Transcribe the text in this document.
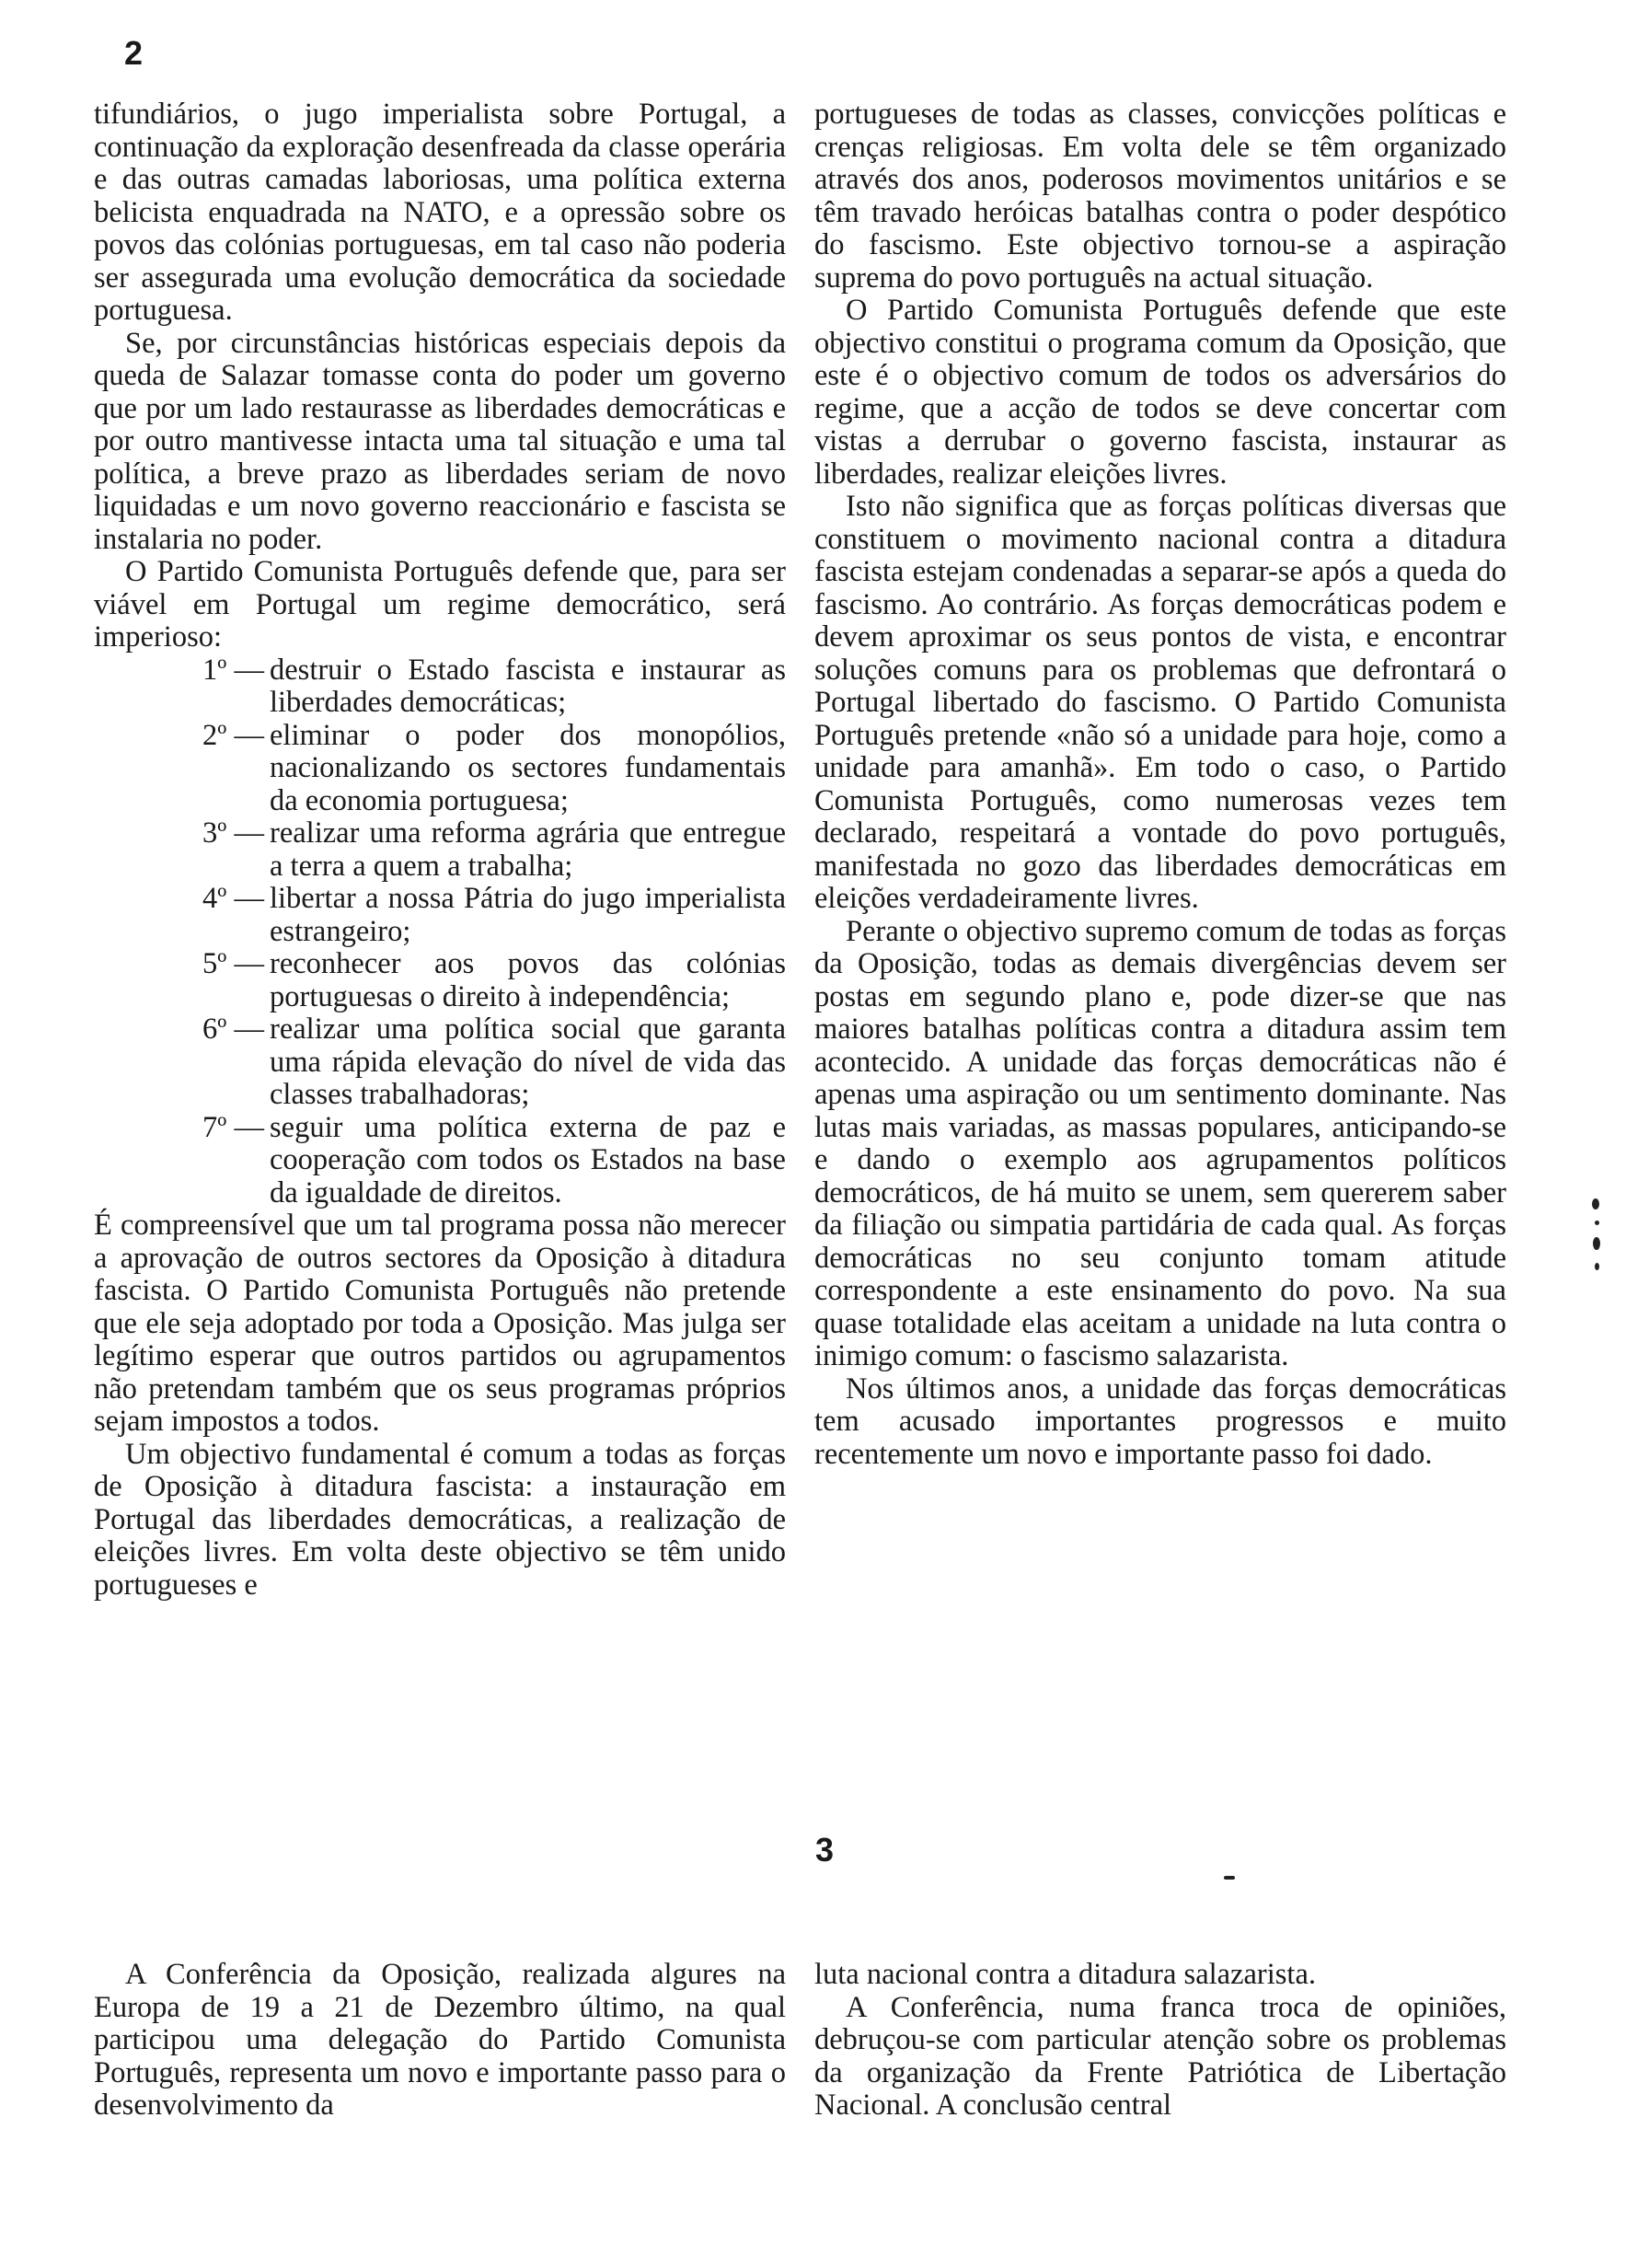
2

tifundiários, o jugo imperialista sobre Portugal, a continuação da exploração desenfreada da classe operária e das outras camadas laboriosas, uma política externa belicista enquadrada na NATO, e a opressão sobre os povos das colónias portuguesas, em tal caso não poderia ser assegurada uma evolução democrática da sociedade portuguesa.

Se, por circunstâncias históricas especiais depois da queda de Salazar tomasse conta do poder um governo que por um lado restaurasse as liberdades democráticas e por outro mantivesse intacta uma tal situação e uma tal política, a breve prazo as liberdades seriam de novo liquidadas e um novo governo reaccionário e fascista se instalaria no poder.

O Partido Comunista Português defende que, para ser viável em Portugal um regime democrático, será imperioso:

1º —	destruir o Estado fascista e instaurar as liberdades democráticas;
2º —	eliminar o poder dos monopólios, nacionalizando os sectores fundamentais da economia portuguesa;
3º —	realizar uma reforma agrária que entregue a terra a quem a trabalha;
4º —	libertar a nossa Pátria do jugo imperialista estrangeiro;
5º —	reconhecer aos povos das colónias portuguesas o direito à independência;
6º —	realizar uma política social que garanta uma rápida elevação do nível de vida das classes trabalhadoras;
7º —	seguir uma política externa de paz e cooperação com todos os Estados na base da igualdade de direitos.

É compreensível que um tal programa possa não merecer a aprovação de outros sectores da Oposição à ditadura fascista. O Partido Comunista Português não pretende que ele seja adoptado por toda a Oposição. Mas julga ser legítimo esperar que outros partidos ou agrupamentos não pretendam também que os seus programas próprios sejam impostos a todos.

Um objectivo fundamental é comum a todas as forças de Oposição à ditadura fascista: a instauração em Portugal das liberdades democráticas, a realização de eleições livres. Em volta deste objectivo se têm unido portugueses e

portugueses de todas as classes, convicções políticas e crenças religiosas. Em volta dele se têm organizado através dos anos, poderosos movimentos unitários e se têm travado heróicas batalhas contra o poder despótico do fascismo. Este objectivo tornou-se a aspiração suprema do povo português na actual situação.

O Partido Comunista Português defende que este objectivo constitui o programa comum da Oposição, que este é o objectivo comum de todos os adversários do regime, que a acção de todos se deve concertar com vistas a derrubar o governo fascista, instaurar as liberdades, realizar eleições livres.

Isto não significa que as forças políticas diversas que constituem o movimento nacional contra a ditadura fascista estejam condenadas a separar-se após a queda do fascismo. Ao contrário. As forças democráticas podem e devem aproximar os seus pontos de vista, e encontrar soluções comuns para os problemas que defrontará o Portugal libertado do fascismo. O Partido Comunista Português pretende «não só a unidade para hoje, como a unidade para amanhã». Em todo o caso, o Partido Comunista Português, como numerosas vezes tem declarado, respeitará a vontade do povo português, manifestada no gozo das liberdades democráticas em eleições verdadeiramente livres.

Perante o objectivo supremo comum de todas as forças da Oposição, todas as demais divergências devem ser postas em segundo plano e, pode dizer-se que nas maiores batalhas políticas contra a ditadura assim tem acontecido. A unidade das forças democráticas não é apenas uma aspiração ou um sentimento dominante. Nas lutas mais variadas, as massas populares, anticipando-se e dando o exemplo aos agrupamentos políticos democráticos, de há muito se unem, sem quererem saber da filiação ou simpatia partidária de cada qual. As forças democráticas no seu conjunto tomam atitude correspondente a este ensinamento do povo. Na sua quase totalidade elas aceitam a unidade na luta contra o inimigo comum: o fascismo salazarista.

Nos últimos anos, a unidade das forças democráticas tem acusado importantes progressos e muito recentemente um novo e importante passo foi dado.

3

A Conferência da Oposição, realizada algures na Europa de 19 a 21 de Dezembro último, na qual participou uma delegação do Partido Comunista Português, representa um novo e importante passo para o desenvolvimento da

luta nacional contra a ditadura salazarista.

A Conferência, numa franca troca de opiniões, debruçou-se com particular atenção sobre os problemas da organização da Frente Patriótica de Libertação Nacional. A conclusão central
